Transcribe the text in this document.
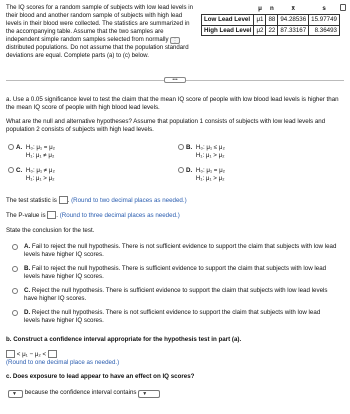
The IQ scores for a random sample of subjects with low lead levels in their blood and another random sample of subjects with high lead levels in their blood were collected. The statistics are summarized in the accompanying table. Assume that the two samples are independent simple random samples selected from normally distributed populations. Do not assume that the population standard deviations are equal. Complete parts (a) to (c) below.
	μ	n	x̄	s
Low Lead Level	μ1	88	94.28536	15.97749
High Lead Level	μ2	22	87.33167	8.36493
⋮
•••
a. Use a 0.05 significance level to test the claim that the mean IQ score of people with low blood lead levels is higher than the mean IQ score of people with high blood lead levels.
What are the null and alternative hypotheses? Assume that population 1 consists of subjects with low lead levels and population 2 consists of subjects with high lead levels.
A. H₀: μ₁ = μ₂
H₁: μ₁ ≠ μ₂
B. H₀: μ₁ ≤ μ₂
H₁: μ₁ > μ₂
C. H₀: μ₁ ≠ μ₂
H₁: μ₁ > μ₂
D. H₀: μ₁ = μ₂
H₁: μ₁ > μ₂
The test statistic is . (Round to two decimal places as needed.)
The P-value is . (Round to three decimal places as needed.)
State the conclusion for the test.
A. Fail to reject the null hypothesis. There is not sufficient evidence to support the claim that subjects with low lead levels have higher IQ scores.
B. Fail to reject the null hypothesis. There is sufficient evidence to support the claim that subjects with low lead levels have higher IQ scores.
C. Reject the null hypothesis. There is sufficient evidence to support the claim that subjects with low lead levels have higher IQ scores.
D. Reject the null hypothesis. There is not sufficient evidence to support the claim that subjects with low lead levels have higher IQ scores.
b. Construct a confidence interval appropriate for the hypothesis test in part (a).
< μ₁ − μ₂ <
(Round to one decimal place as needed.)
c. Does exposure to lead appear to have an effect on IQ scores?
▼ because the confidence interval contains ▼
